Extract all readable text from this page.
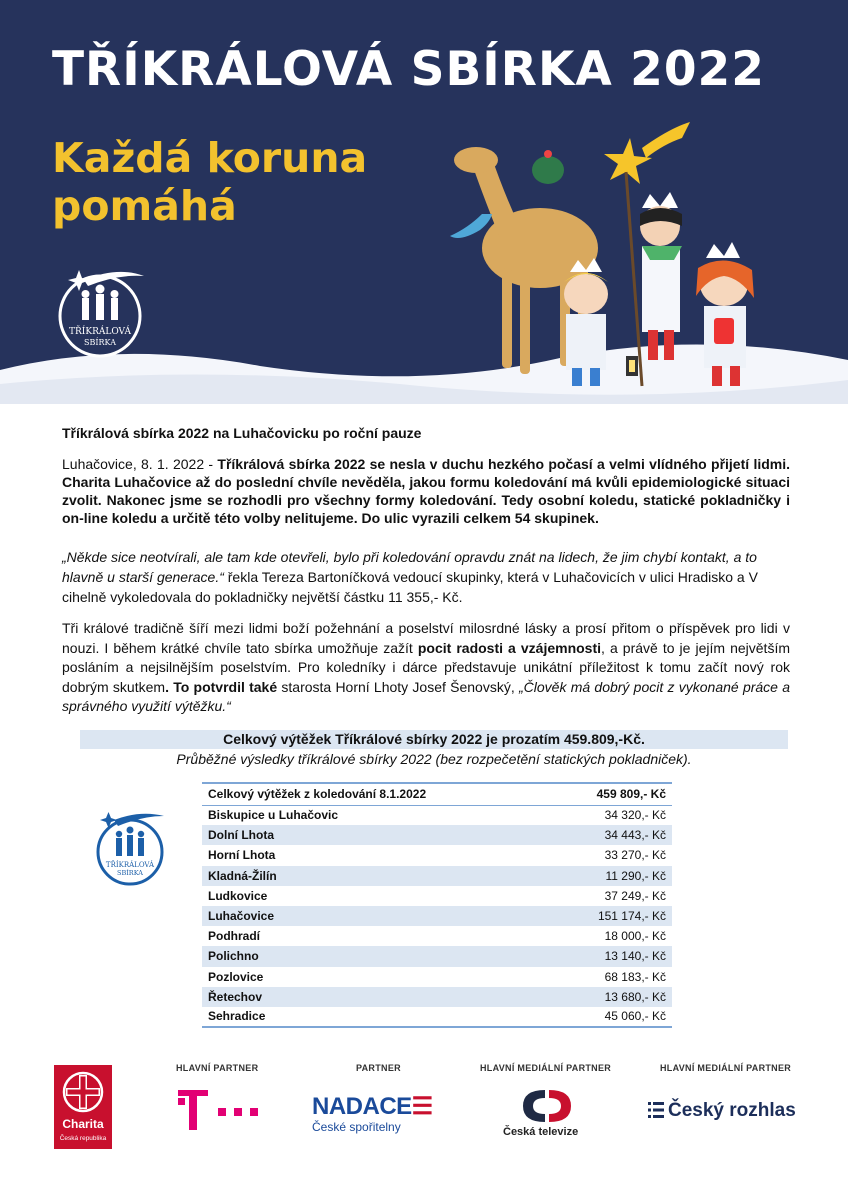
TŘÍKRÁLOVÁ SBÍRKA 2022
Každá koruna
pomáhá
TŘÍKRÁLOVÁ
SBÍRKA
Tříkrálová sbírka 2022 na Luhačovicku po roční pauze
Luhačovice, 8. 1. 2022 - Tříkrálová sbírka 2022 se nesla v duchu hezkého počasí a velmi vlídného přijetí lidmi. Charita Luhačovice až do poslední chvíle nevěděla, jakou formu koledování má kvůli epidemiologické situaci zvolit. Nakonec jsme se rozhodli pro všechny formy koledování. Tedy osobní koledu, statické pokladničky i on-line koledu a určitě této volby nelitujeme. Do ulic vyrazili celkem 54 skupinek.
„Někde sice neotvírali, ale tam kde otevřeli, bylo při koledování opravdu znát na lidech, že jim chybí kontakt, a to hlavně u starší generace.“ řekla Tereza Bartoníčková vedoucí skupinky, která v Luhačovicích v ulici Hradisko a V cihelně vykoledovala do pokladničky největší částku 11 355,- Kč.
Tři králové tradičně šíří mezi lidmi boží požehnání a poselství milosrdné lásky a prosí přitom o příspěvek pro lidi v nouzi. I během krátké chvíle tato sbírka umožňuje zažít pocit radosti a vzájemnosti, a právě to je jejím největším posláním a nejsilnějším poselstvím. Pro koledníky i dárce představuje unikátní příležitost k tomu začít nový rok dobrým skutkem. To potvrdil také starosta Horní Lhoty Josef Šenovský, „Člověk má dobrý pocit z vykonané práce a správného využití výtěžku.“
Celkový výtěžek Tříkrálové sbírky 2022 je prozatím 459.809,-Kč.
Průběžné výsledky tříkrálové sbírky 2022 (bez rozpečetění statických pokladniček).
TŘÍKRÁLOVÁ
SBÍRKA
Celkový výtěžek z koledování 8.1.2022	459 809,- Kč
Biskupice u Luhačovic	34 320,- Kč
Dolní Lhota	34 443,- Kč
Horní Lhota	33 270,- Kč
Kladná-Žilín	11 290,- Kč
Ludkovice	37 249,- Kč
Luhačovice	151 174,- Kč
Podhradí	18 000,- Kč
Polichno	13 140,- Kč
Pozlovice	68 183,- Kč
Řetechov	13 680,- Kč
Sehradice	45 060,- Kč
Charita
Česká republika
HLAVNÍ PARTNER	PARTNER	HLAVNÍ MEDIÁLNÍ PARTNER	HLAVNÍ MEDIÁLNÍ PARTNER
NADACE☰
České spořitelny	Česká televize
Český rozhlas
